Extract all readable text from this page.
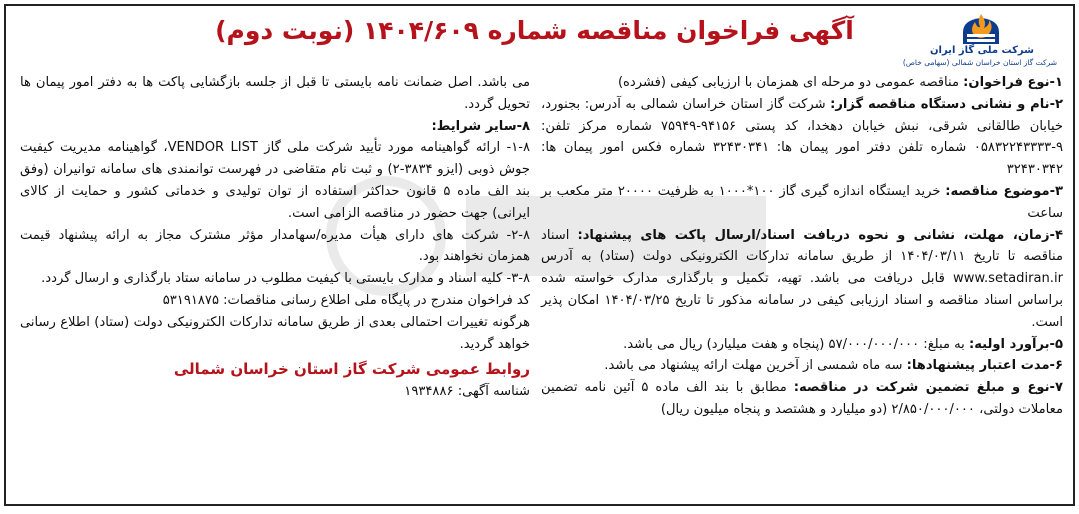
آگهی فراخوان مناقصه شماره ۱۴۰۴/۶۰۹ (نوبت دوم)
شرکت ملی گاز ایران
شرکت گاز استان خراسان شمالی (سهامی خاص)

۱-نوع فراخوان: مناقصه عمومی دو مرحله ای همزمان با ارزیابی کیفی (فشرده)

۲-نام و نشانی دستگاه مناقصه گزار: شرکت گاز استان خراسان شمالی به آدرس: بجنورد، خیابان طالقانی شرقی، نبش خیابان دهخدا، کد پستی ۹۴۱۵۶-۷۵۹۴۹ شماره مرکز تلفن: ۹-۰۵۸۳۲۲۴۳۳۳۳ شماره تلفن دفتر امور پیمان ها: ۳۲۴۳۰۳۴۱ شماره فکس امور پیمان ها: ۳۲۴۳۰۳۴۲

۳-موضوع مناقصه: خرید ایستگاه اندازه گیری گاز ۱۰۰*۱۰۰۰ به ظرفیت ۲۰۰۰۰ متر مکعب بر ساعت

۴-زمان، مهلت، نشانی و نحوه دریافت اسناد/ارسال پاکت های پیشنهاد: اسناد مناقصه تا تاریخ ۱۴۰۴/۰۳/۱۱ از طریق سامانه تدارکات الکترونیکی دولت (ستاد) به آدرس www.setadiran.ir قابل دریافت می باشد. تهیه، تکمیل و بارگذاری مدارک خواسته شده براساس اسناد مناقصه و اسناد ارزیابی کیفی در سامانه مذکور تا تاریخ ۱۴۰۴/۰۳/۲۵ امکان پذیر است.

۵-برآورد اولیه: به مبلغ: ۵۷/۰۰۰/۰۰۰/۰۰۰ (پنجاه و هفت میلیارد) ریال می باشد.

۶-مدت اعتبار پیشنهادها: سه ماه شمسی از آخرین مهلت ارائه پیشنهاد می باشد.

۷-نوع و مبلغ تضمین شرکت در مناقصه: مطابق با بند الف ماده ۵ آئین نامه تضمین معاملات دولتی، ۲/۸۵۰/۰۰۰/۰۰۰ (دو میلیارد و هشتصد و پنجاه میلیون ریال)

می باشد. اصل ضمانت نامه بایستی تا قبل از جلسه بازگشایی پاکت ها به دفتر امور پیمان ها تحویل گردد.

۸-سایر شرایط:

۱-۸- ارائه گواهینامه مورد تأیید شرکت ملی گاز VENDOR LIST، گواهینامه مدیریت کیفیت جوش ذوبی (ایزو ۳۸۳۴-۲) و ثبت نام متقاضی در فهرست توانمندی های سامانه توانیران (وفق بند الف ماده ۵ قانون حداکثر استفاده از توان تولیدی و خدماتی کشور و حمایت از کالای ایرانی) جهت حضور در مناقصه الزامی است.

۲-۸- شرکت های دارای هیأت مدیره/سهامدار مؤثر مشترک مجاز به ارائه پیشنهاد قیمت همزمان نخواهند بود.

۳-۸- کلیه اسناد و مدارک بایستی با کیفیت مطلوب در سامانه ستاد بارگذاری و ارسال گردد.

کد فراخوان مندرج در پایگاه ملی اطلاع رسانی مناقصات: ۵۳۱۹۱۸۷۵

هرگونه تغییرات احتمالی بعدی از طریق سامانه تدارکات الکترونیکی دولت (ستاد) اطلاع رسانی خواهد گردید.

روابط عمومی شرکت گاز استان خراسان شمالی

شناسه آگهی: ۱۹۳۴۸۸۶
